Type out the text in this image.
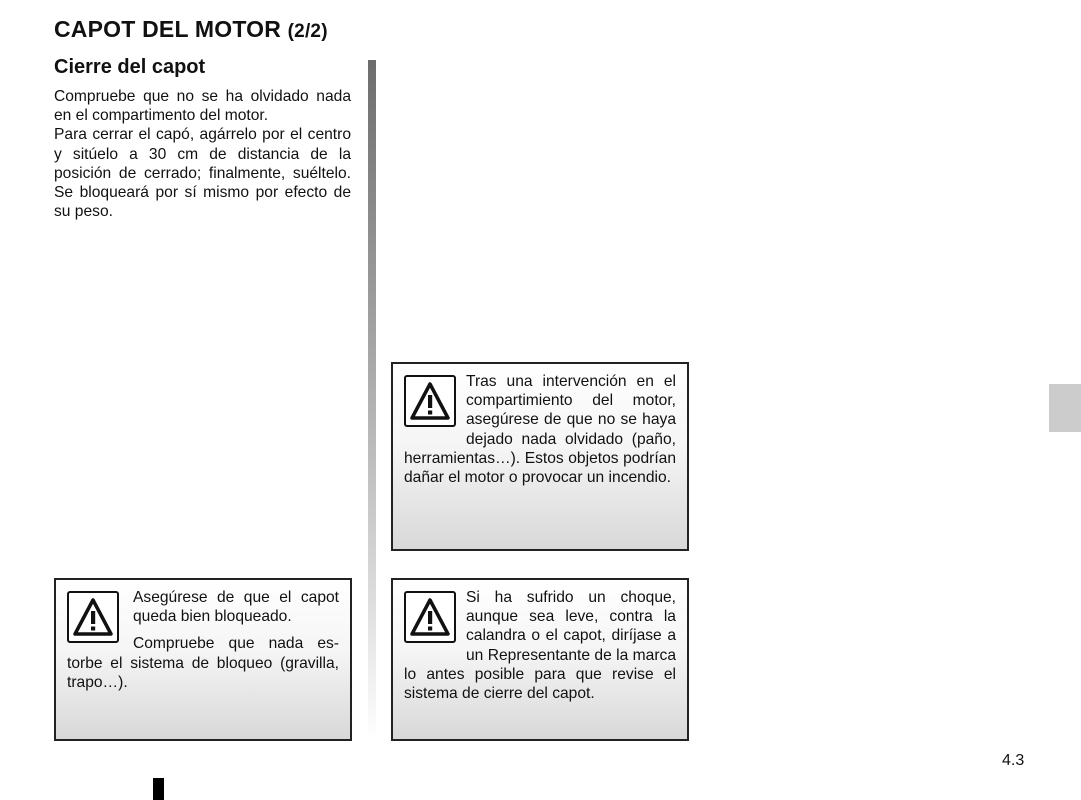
CAPOT DEL MOTOR (2/2)
Cierre del capot

Compruebe que no se ha olvidado nada en el compartimento del motor.

Para cerrar el capó, agárrelo por el centro y sitúelo a 30 cm de distancia de la posición de cerrado; finalmente, suéltelo. Se bloqueará por sí mismo por efecto de su peso.

Tras una intervención en el compartimiento del motor, asegúrese de que no se haya dejado nada olvidado (paño, herramientas…). Estos objetos podrían dañar el motor o provocar un incendio.

Asegúrese de que el capot queda bien bloqueado.

Compruebe que nada estorbe el sistema de bloqueo (gravilla, trapo…).

Si ha sufrido un choque, aunque sea leve, contra la calandra o el capot, diríjase a un Representante de la marca lo antes posible para que revise el sistema de cierre del capot.

4.3
